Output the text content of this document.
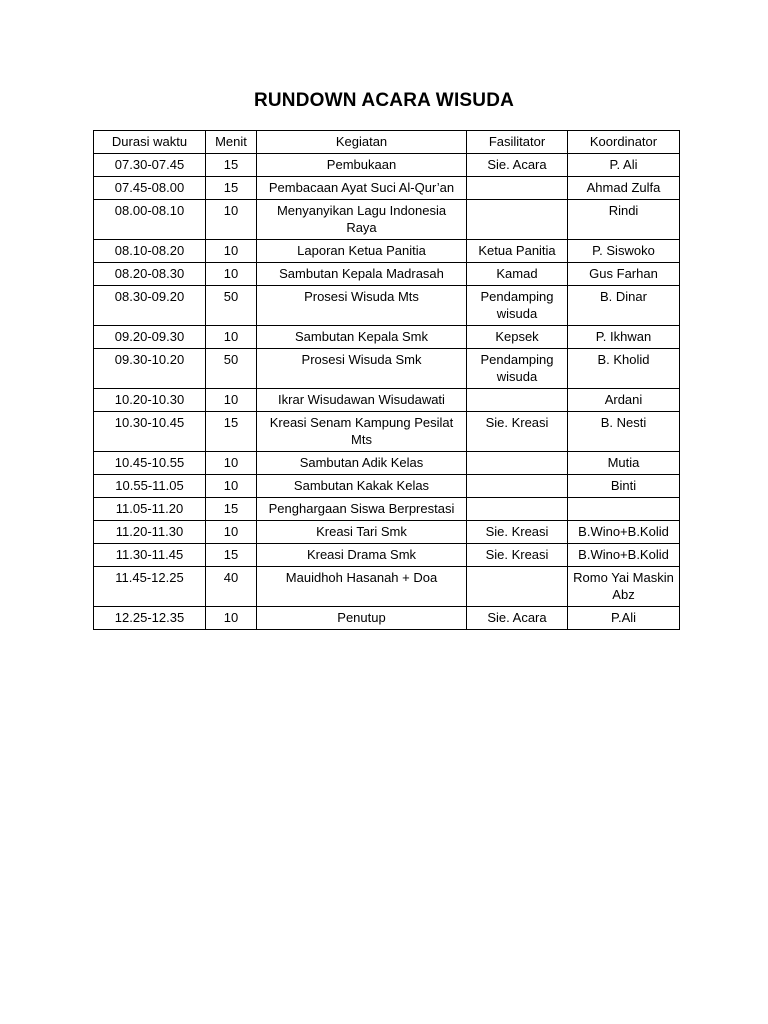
RUNDOWN ACARA WISUDA
Durasi waktu	Menit	Kegiatan	Fasilitator	Koordinator
07.30-07.45	15	Pembukaan	Sie. Acara	P. Ali
07.45-08.00	15	Pembacaan Ayat Suci Al-Qur’an		Ahmad Zulfa
08.00-08.10	10	Menyanyikan Lagu Indonesia Raya		Rindi
08.10-08.20	10	Laporan Ketua Panitia	Ketua Panitia	P. Siswoko
08.20-08.30	10	Sambutan Kepala Madrasah	Kamad	Gus Farhan
08.30-09.20	50	Prosesi Wisuda Mts	Pendamping wisuda	B. Dinar
09.20-09.30	10	Sambutan Kepala Smk	Kepsek	P. Ikhwan
09.30-10.20	50	Prosesi Wisuda Smk	Pendamping wisuda	B. Kholid
10.20-10.30	10	Ikrar Wisudawan Wisudawati		Ardani
10.30-10.45	15	Kreasi Senam Kampung Pesilat Mts	Sie. Kreasi	B. Nesti
10.45-10.55	10	Sambutan Adik Kelas		Mutia
10.55-11.05	10	Sambutan Kakak Kelas		Binti
11.05-11.20	15	Penghargaan Siswa Berprestasi		
11.20-11.30	10	Kreasi Tari Smk	Sie. Kreasi	B.Wino+B.Kolid
11.30-11.45	15	Kreasi Drama Smk	Sie. Kreasi	B.Wino+B.Kolid
11.45-12.25	40	Mauidhoh Hasanah + Doa		Romo Yai Maskin Abz
12.25-12.35	10	Penutup	Sie. Acara	P.Ali
